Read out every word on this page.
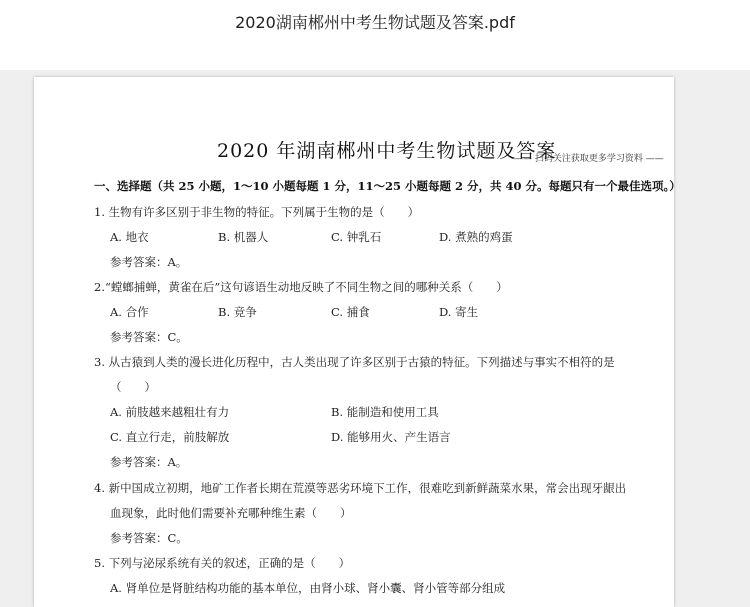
2020湖南郴州中考生物试题及答案.pdf
2020 年湖南郴州中考生物试题及答案
—— 扫码关注获取更多学习资料 ——
一、选择题（共 25 小题，1～10 小题每题 1 分，11～25 小题每题 2 分，共 40 分。每题只有一个最佳选项。）
1. 生物有许多区别于非生物的特征。下列属于生物的是（　　）
A. 地衣	B. 机器人	C. 钟乳石	D. 煮熟的鸡蛋
参考答案：A。
2.“螳螂捕蝉，黄雀在后”这句谚语生动地反映了不同生物之间的哪种关系（　　）
A. 合作	B. 竞争	C. 捕食	D. 寄生
参考答案：C。
3. 从古猿到人类的漫长进化历程中，古人类出现了许多区别于古猿的特征。下列描述与事实不相符的是
（　　）
A. 前肢越来越粗壮有力	B. 能制造和使用工具
C. 直立行走，前肢解放	D. 能够用火、产生语言
参考答案：A。
4. 新中国成立初期，地矿工作者长期在荒漠等恶劣环境下工作，很难吃到新鲜蔬菜水果，常会出现牙龈出
血现象，此时他们需要补充哪种维生素（　　）
参考答案：C。
5. 下列与泌尿系统有关的叙述，正确的是（　　）
A. 肾单位是肾脏结构功能的基本单位，由肾小球、肾小囊、肾小管等部分组成
